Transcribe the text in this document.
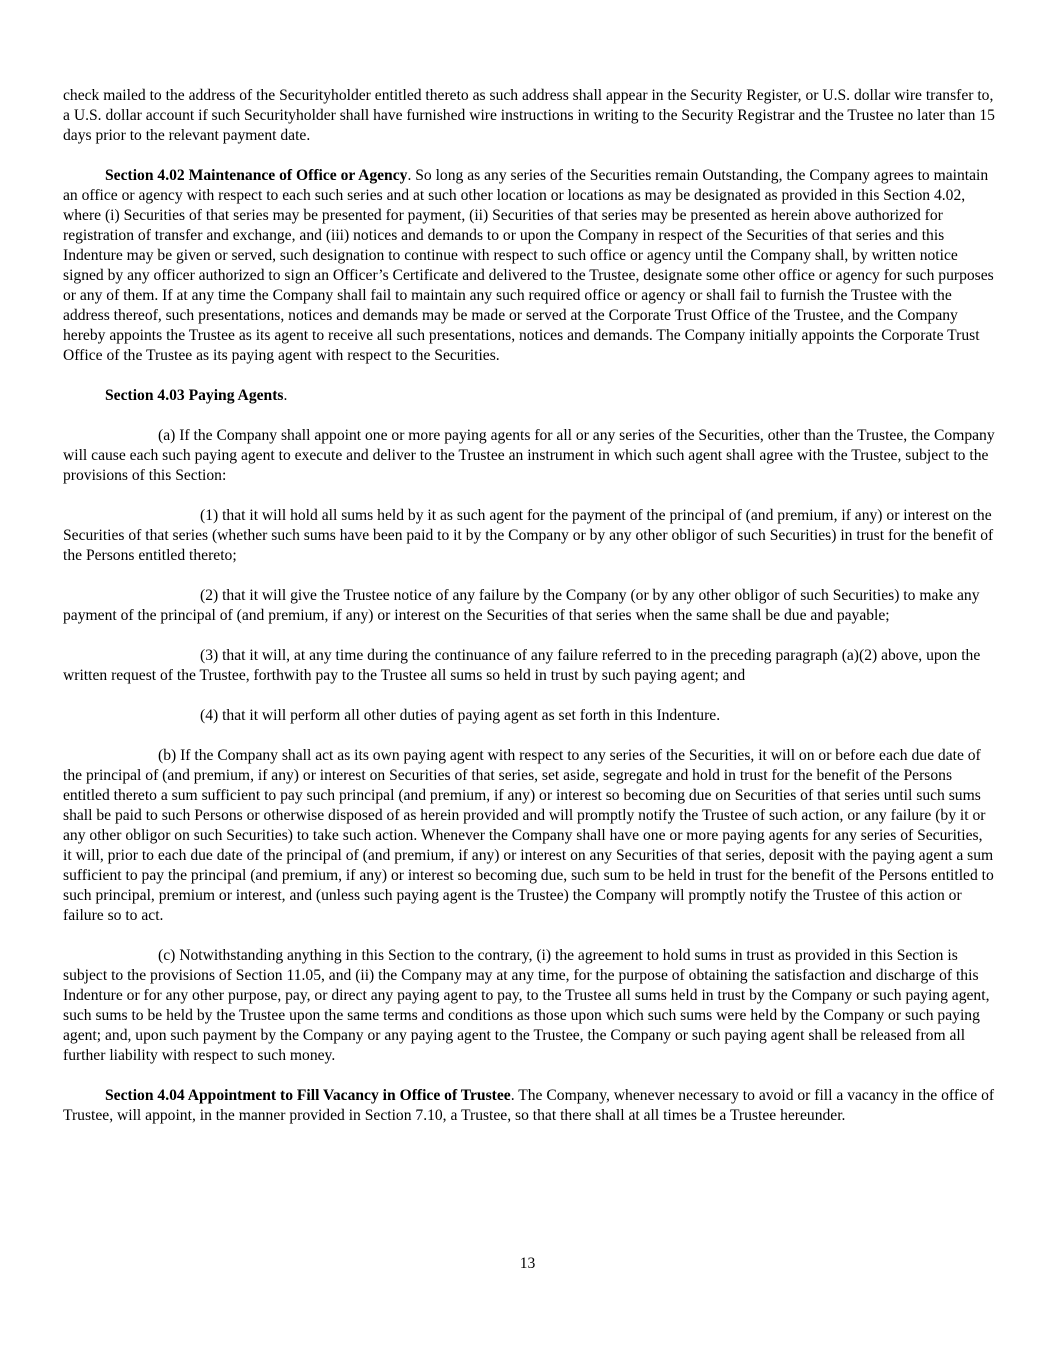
check mailed to the address of the Securityholder entitled thereto as such address shall appear in the Security Register, or U.S. dollar wire transfer to, a U.S. dollar account if such Securityholder shall have furnished wire instructions in writing to the Security Registrar and the Trustee no later than 15 days prior to the relevant payment date.

Section 4.02 Maintenance of Office or Agency. So long as any series of the Securities remain Outstanding, the Company agrees to maintain an office or agency with respect to each such series and at such other location or locations as may be designated as provided in this Section 4.02, where (i) Securities of that series may be presented for payment, (ii) Securities of that series may be presented as herein above authorized for registration of transfer and exchange, and (iii) notices and demands to or upon the Company in respect of the Securities of that series and this Indenture may be given or served, such designation to continue with respect to such office or agency until the Company shall, by written notice signed by any officer authorized to sign an Officer’s Certificate and delivered to the Trustee, designate some other office or agency for such purposes or any of them. If at any time the Company shall fail to maintain any such required office or agency or shall fail to furnish the Trustee with the address thereof, such presentations, notices and demands may be made or served at the Corporate Trust Office of the Trustee, and the Company hereby appoints the Trustee as its agent to receive all such presentations, notices and demands. The Company initially appoints the Corporate Trust Office of the Trustee as its paying agent with respect to the Securities.

Section 4.03 Paying Agents.

(a) If the Company shall appoint one or more paying agents for all or any series of the Securities, other than the Trustee, the Company will cause each such paying agent to execute and deliver to the Trustee an instrument in which such agent shall agree with the Trustee, subject to the provisions of this Section:

(1) that it will hold all sums held by it as such agent for the payment of the principal of (and premium, if any) or interest on the Securities of that series (whether such sums have been paid to it by the Company or by any other obligor of such Securities) in trust for the benefit of the Persons entitled thereto;

(2) that it will give the Trustee notice of any failure by the Company (or by any other obligor of such Securities) to make any payment of the principal of (and premium, if any) or interest on the Securities of that series when the same shall be due and payable;

(3) that it will, at any time during the continuance of any failure referred to in the preceding paragraph (a)(2) above, upon the written request of the Trustee, forthwith pay to the Trustee all sums so held in trust by such paying agent; and

(4) that it will perform all other duties of paying agent as set forth in this Indenture.

(b) If the Company shall act as its own paying agent with respect to any series of the Securities, it will on or before each due date of the principal of (and premium, if any) or interest on Securities of that series, set aside, segregate and hold in trust for the benefit of the Persons entitled thereto a sum sufficient to pay such principal (and premium, if any) or interest so becoming due on Securities of that series until such sums shall be paid to such Persons or otherwise disposed of as herein provided and will promptly notify the Trustee of such action, or any failure (by it or any other obligor on such Securities) to take such action. Whenever the Company shall have one or more paying agents for any series of Securities, it will, prior to each due date of the principal of (and premium, if any) or interest on any Securities of that series, deposit with the paying agent a sum sufficient to pay the principal (and premium, if any) or interest so becoming due, such sum to be held in trust for the benefit of the Persons entitled to such principal, premium or interest, and (unless such paying agent is the Trustee) the Company will promptly notify the Trustee of this action or failure so to act.

(c) Notwithstanding anything in this Section to the contrary, (i) the agreement to hold sums in trust as provided in this Section is subject to the provisions of Section 11.05, and (ii) the Company may at any time, for the purpose of obtaining the satisfaction and discharge of this Indenture or for any other purpose, pay, or direct any paying agent to pay, to the Trustee all sums held in trust by the Company or such paying agent, such sums to be held by the Trustee upon the same terms and conditions as those upon which such sums were held by the Company or such paying agent; and, upon such payment by the Company or any paying agent to the Trustee, the Company or such paying agent shall be released from all further liability with respect to such money.

Section 4.04 Appointment to Fill Vacancy in Office of Trustee. The Company, whenever necessary to avoid or fill a vacancy in the office of Trustee, will appoint, in the manner provided in Section 7.10, a Trustee, so that there shall at all times be a Trustee hereunder.

13
